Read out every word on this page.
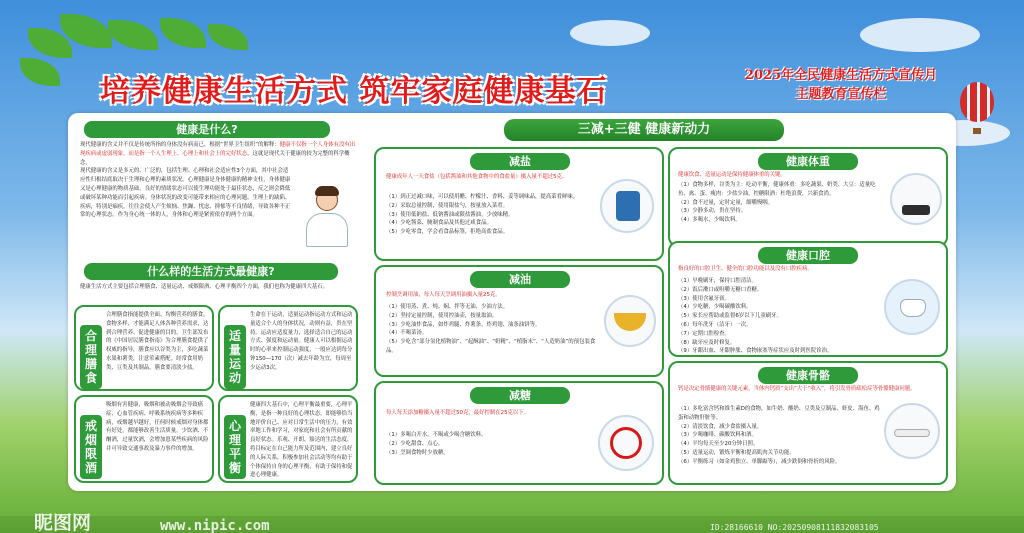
培养健康生活方式 筑牢家庭健康基石	2025年全民健康生活方式宣传月
主题教育宣传栏
健康是什么?
现代健康的含义并不仅是传统所指的身体没有病而已，根据“世界卫生组织”的解释：健康不仅指一个人身体有没有出现疾病或虚弱现象，而是指一个人生理上、心理上和社会上的完好状态，这就是现代关于健康的较为完整的科学概念。
现代健康的含义是多元的、广泛的，包括生理、心理和社会适应性3个方面，其中社会适应性归根结底取决于生理和心理的素质状况。心理健康是身体健康的精神支柱，身体健康又是心理健康的物质基础。良好的情绪状态可以使生理功能处于最佳状态，反之则会降低或破坏某种功能而引起疾病。身体状况的改变可能带来相应的心理问题，生理上的缺陷、疾病，特别是痼疾，往往会使人产生烦恼、焦躁、忧虑、抑郁等不良情绪，导致各种不正常的心理状态。作为身心统一体的人，身体和心理是紧密依存的两个方面。
什么样的生活方式最健康?
健康生活方式主要包括合理膳食、适量运动、戒烟限酒、心理平衡四个方面，我们也称为健康四大基石。
合理膳食
合理膳食指能提供全面、均衡营养的膳食。食物多样，才能满足人体各种营养需求，达到合理营养、促进健康的目的。卫生部发布的《中国居民膳食指南》为合理膳食提供了权威的指导，膳食应以谷类为主，多吃蔬菜水果和薯类，注意荤素搭配。经常食用奶类、豆类及其制品，膳食要清淡少盐。
适量运动
生命在于运动，适量运动指运动方式和运动量适合个人的身体状况，动则有益，贵在坚持。运动应适度量力，选择适合自己的运动方式、强度和运动量。健康人可以根据运动时的心率来控制运动强度，一般应达到每分钟150—170（次）减去年龄为宜，每周至少运动3次。
戒烟限酒
吸烟有害健康，吸烟和被动吸烟会导致癌症、心血管疾病、呼吸系统疾病等多种疾病，戒烟越早越好，任何时候戒烟对身体都有好处，都能够改善生活质量。少饮酒、不酗酒，过量饮酒，会增加患某些疾病的风险并可导致交通事故及暴力事件的增加。
心理平衡
健康四大基石中，心理平衡最重要，心理平衡，是指一种良好的心理状态，即能够恰当地评价自己、应对日常生活中的压力，有效率地工作和学习，对家庭和社会有所贡献的良好状态。乐观、开朗、豁达的生活态度，将目标定在自己能力所及范围内，建立良好的人际关系，积极参加社会活动等均有助于个体保持自身的心理平衡，有助于保持和促进心理健康。
三减+三健 健康新动力
减盐
健康成年人一天食盐（包括酱油和其他食物中的食盐量）摄入量不超过5克。
（1）到正过减口味，可以使用醋、柠檬汁、香料、姜等调味品，提高菜肴鲜味。
（2）采取总量控制，使用限盐勺，按量放入菜肴。
（3）使用低钠盐、低钠酱油或限盐酱油，少放味精。
（4）少吃酱菜、腌制食品及其他过咸食品。
（5）少吃零食，学会看食品标签，拒绝高盐食品。
减油
控制烹调用油，每人每天烹调用油摄入量25克。
（1）使用蒸、煮、炖、焖、拌等无油、少油方法。
（2）坚持定量控制，使用控油壶，按量取油。
（3）少吃油炸食品，如炸鸡腿、炸薯条、炸鸡翅、油条油饼等。
（4）不喝菜汤。
（5）少吃含“部分氢化植物油”、“起酥油”、“奶精”、“植脂末”、“人造奶油”的预包装食品。
减糖
每人每天添加糖摄入量不超过50克，最好控制在25克以下。
（1）多喝白开水，不喝或少喝含糖饮料。
（2）少吃甜食、点心。
（3）烹调食物时少放糖。
健康体重
健康饮食、适量运动是保持健康体重的关键。
（1）食物多样，谷类为主：吃动平衡，健康体重：多吃蔬果、奶类、大豆：适量吃鱼、禽、蛋、瘦肉：少盐少油，控糖限酒：杜绝浪费，兴新食尚。
（2）食不过量，定时定量，细嚼慢咽。
（3）少静多动，贵在坚持。
（4）多喝水，少喝饮料。
健康口腔
指良好的口腔卫生、健全的口腔功能以及没有口腔疾病。
（1）早晚刷牙，保持口腔清洁。
（2）饭后漱口或咀嚼无糖口香糖。
（3）使用含氟牙膏。
（4）少吃糖，少喝碳酸饮料。
（5）家长应帮助或监督6岁以下儿童刷牙。
（6）每年洗牙（洁牙）一次。
（7）定期口腔检查。
（8）缺牙应及时修复。
（9）牙龈出血、牙龈肿胀、食物嵌塞等症状应及时到医院诊治。
健康骨骼
钙是决定骨骼健康的关键元素，当体内钙质“支出”大于“收入”，将引发骨质疏松症等骨骼健康问题。
（1）多吃富含钙和维生素D的食物，如牛奶、酸奶、豆类及豆制品、虾皮、海鱼、鸡蛋和动物肝脏等。
（2）清淡饮食，减少食盐摄入量。
（3）少喝咖啡、碳酸饮料和酒。
（4）平均每天至少20分钟日照。
（5）适量运动，锻炼平衡和提高肌肉关节功能。
（6）平衡练习（如金鸡独立、单脚踮等），减少跌倒和骨折的风险。
昵图网	www.nipic.com	ID:28166610 NO:20250908111832083105
